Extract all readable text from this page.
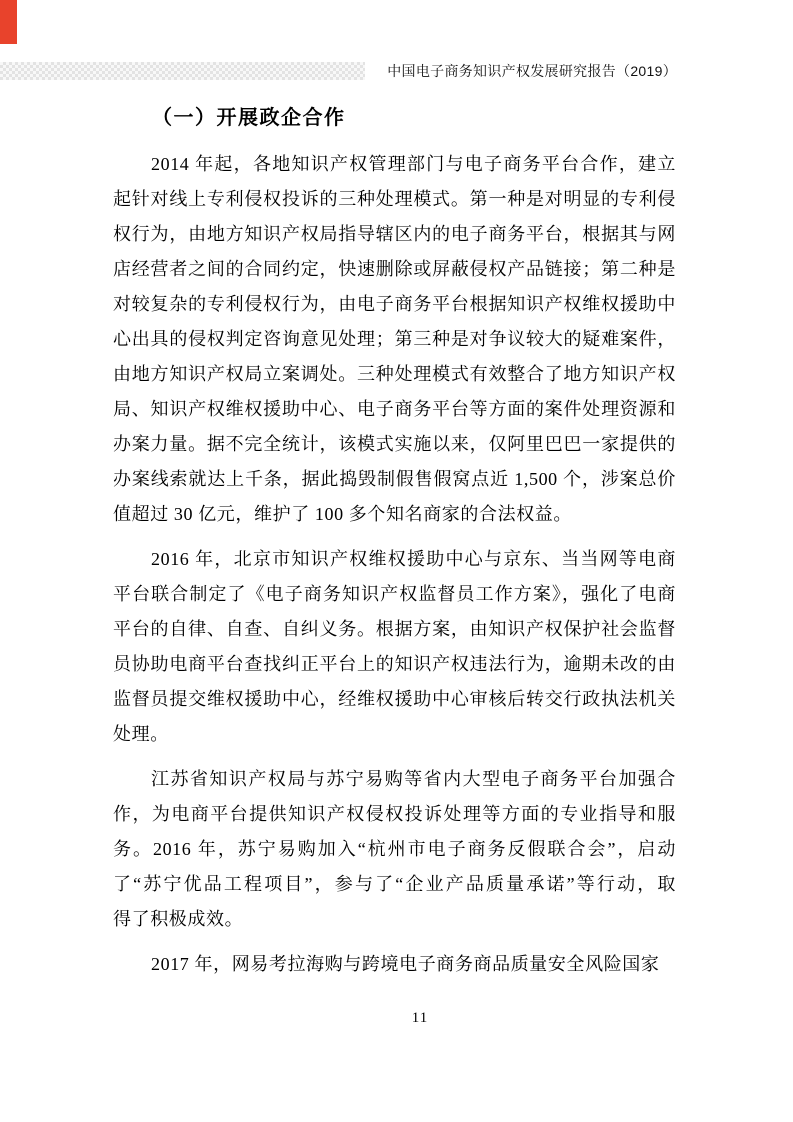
中国电子商务知识产权发展研究报告（2019）
（一）开展政企合作
2014 年起，各地知识产权管理部门与电子商务平台合作，建立
起针对线上专利侵权投诉的三种处理模式。第一种是对明显的专利侵
权行为，由地方知识产权局指导辖区内的电子商务平台，根据其与网
店经营者之间的合同约定，快速删除或屏蔽侵权产品链接；第二种是
对较复杂的专利侵权行为，由电子商务平台根据知识产权维权援助中
心出具的侵权判定咨询意见处理；第三种是对争议较大的疑难案件，
由地方知识产权局立案调处。三种处理模式有效整合了地方知识产权
局、知识产权维权援助中心、电子商务平台等方面的案件处理资源和
办案力量。据不完全统计，该模式实施以来，仅阿里巴巴一家提供的
办案线索就达上千条，据此捣毁制假售假窝点近 1,500 个，涉案总价
值超过 30 亿元，维护了 100 多个知名商家的合法权益。
2016 年，北京市知识产权维权援助中心与京东、当当网等电商
平台联合制定了《电子商务知识产权监督员工作方案》，强化了电商
平台的自律、自查、自纠义务。根据方案，由知识产权保护社会监督
员协助电商平台查找纠正平台上的知识产权违法行为，逾期未改的由
监督员提交维权援助中心，经维权援助中心审核后转交行政执法机关
处理。
江苏省知识产权局与苏宁易购等省内大型电子商务平台加强合
作，为电商平台提供知识产权侵权投诉处理等方面的专业指导和服
务。2016 年，苏宁易购加入“杭州市电子商务反假联合会”，启动
了“苏宁优品工程项目”，参与了“企业产品质量承诺”等行动，取
得了积极成效。
2017 年，网易考拉海购与跨境电子商务商品质量安全风险国家
11
